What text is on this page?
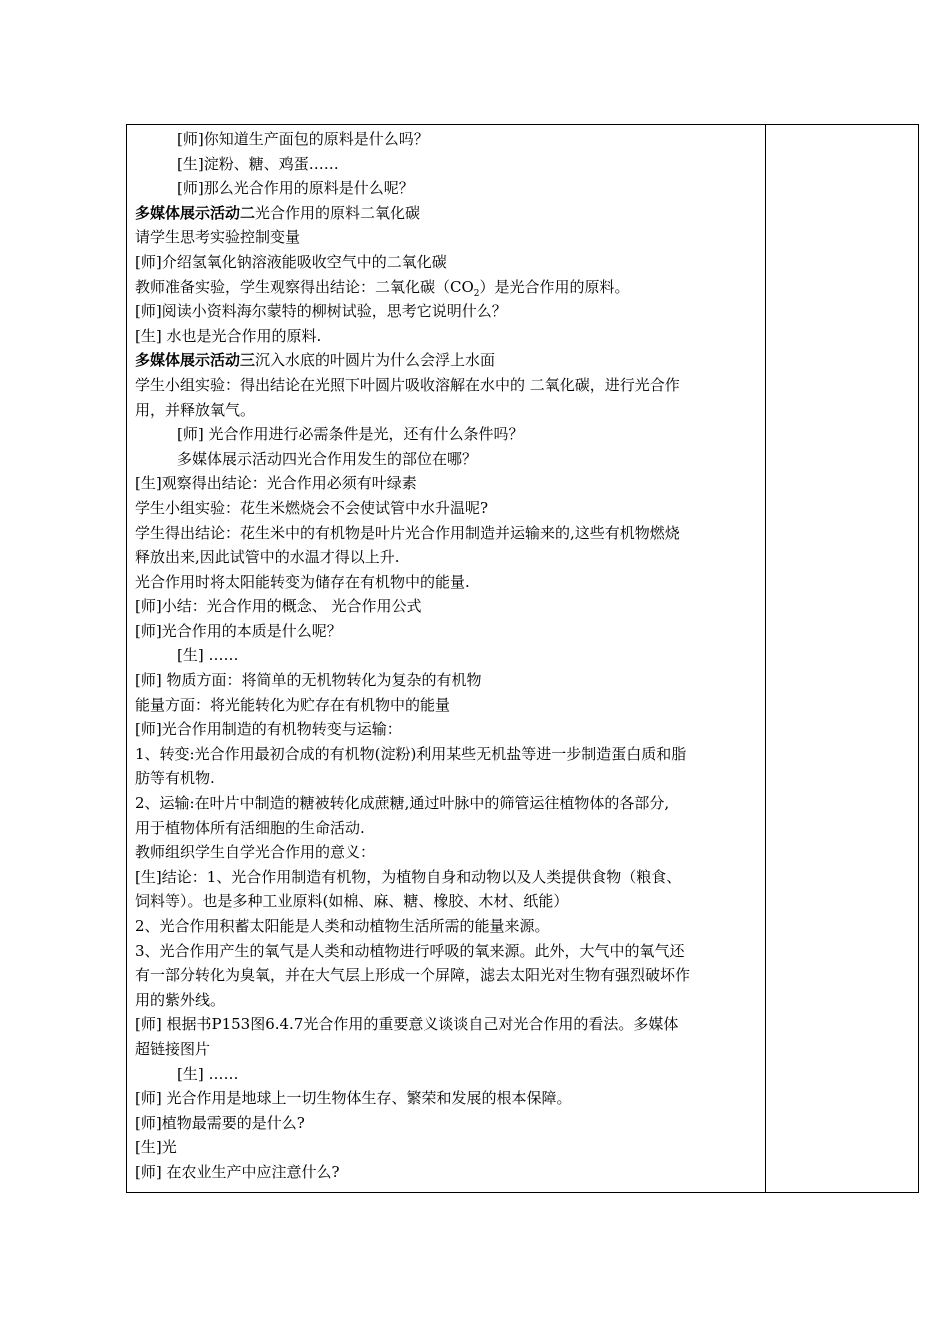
[师]你知道生产面包的原料是什么吗？
[生]淀粉、糖、鸡蛋……
[师]那么光合作用的原料是什么呢？
多媒体展示活动二光合作用的原料二氧化碳
请学生思考实验控制变量
[师]介绍氢氧化钠溶液能吸收空气中的二氧化碳
教师准备实验，学生观察得出结论：二氧化碳$(CO_2)$是光合作用的原料。
[师]阅读小资料海尔蒙特的柳树试验，思考它说明什么？
[生] 水也是光合作用的原料.
多媒体展示活动三沉入水底的叶圆片为什么会浮上水面
学生小组实验：得出结论在光照下叶圆片吸收溶解在水中的 二氧化碳，进行光合作
用，并释放氧气。
[师] 光合作用进行必需条件是光，还有什么条件吗？
多媒体展示活动四光合作用发生的部位在哪？
[生]观察得出结论：光合作用必须有叶绿素
学生小组实验：花生米燃烧会不会使试管中水升温呢?
学生得出结论：花生米中的有机物是叶片光合作用制造并运输来的,这些有机物燃烧
释放出来,因此试管中的水温才得以上升.
光合作用时将太阳能转变为储存在有机物中的能量.
[师]小结：光合作用的概念、 光合作用公式
[师]光合作用的本质是什么呢？
[生] ……
[师] 物质方面：将简单的无机物转化为复杂的有机物
能量方面：将光能转化为贮存在有机物中的能量
[师]光合作用制造的有机物转变与运输：
1、转变:光合作用最初合成的有机物(淀粉)利用某些无机盐等进一步制造蛋白质和脂
肪等有机物.
2、运输:在叶片中制造的糖被转化成蔗糖,通过叶脉中的筛管运往植物体的各部分,
用于植物体所有活细胞的生命活动.
教师组织学生自学光合作用的意义：
[生]结论：1、光合作用制造有机物，为植物自身和动物以及人类提供食物（粮食、
饲料等）。也是多种工业原料(如棉、麻、糖、橡胶、木材、纸能）
2、光合作用积蓄太阳能是人类和动植物生活所需的能量来源。
3、光合作用产生的氧气是人类和动植物进行呼吸的氧来源。此外，大气中的氧气还
有一部分转化为臭氧，并在大气层上形成一个屏障，滤去太阳光对生物有强烈破坏作
用的紫外线。
[师] 根据书P153图6.4.7光合作用的重要意义谈谈自己对光合作用的看法。多媒体
超链接图片
[生] ……
[师] 光合作用是地球上一切生物体生存、繁荣和发展的根本保障。
[师]植物最需要的是什么?
[生]光
[师] 在农业生产中应注意什么?
